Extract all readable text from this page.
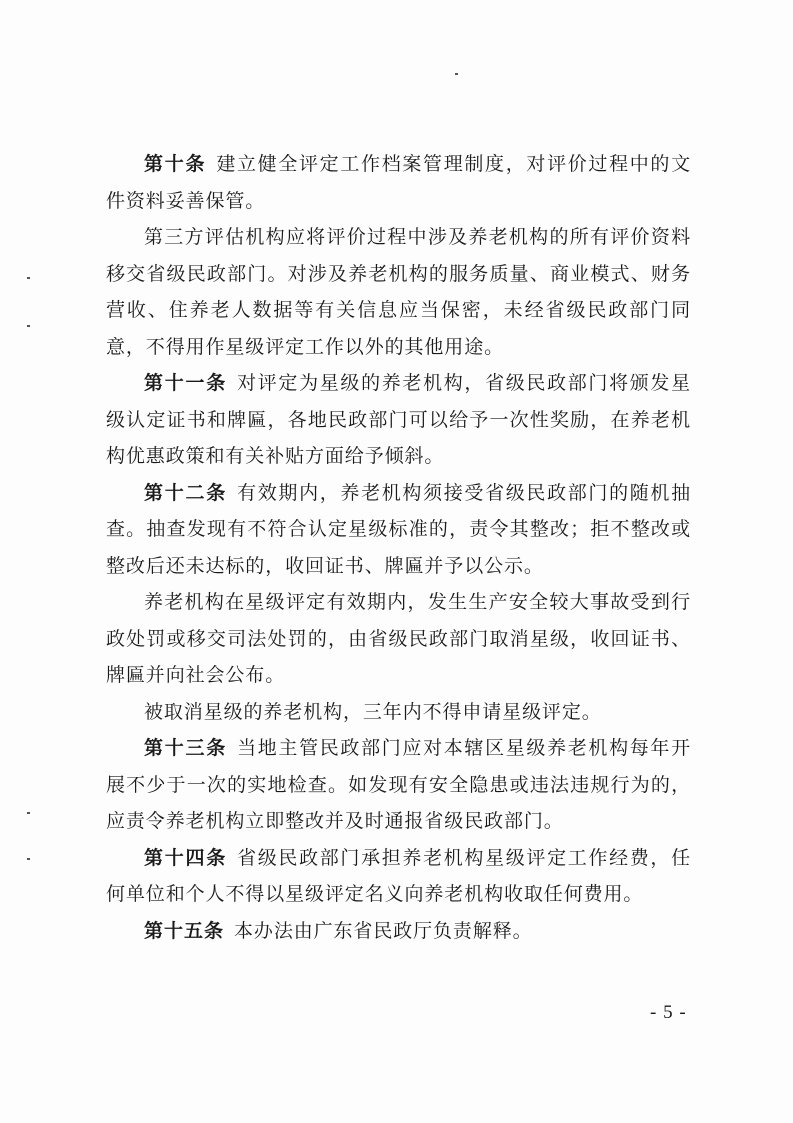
第十条 建立健全评定工作档案管理制度，对评价过程中的文件资料妥善保管。

第三方评估机构应将评价过程中涉及养老机构的所有评价资料移交省级民政部门。对涉及养老机构的服务质量、商业模式、财务营收、住养老人数据等有关信息应当保密，未经省级民政部门同意，不得用作星级评定工作以外的其他用途。

第十一条 对评定为星级的养老机构，省级民政部门将颁发星级认定证书和牌匾，各地民政部门可以给予一次性奖励，在养老机构优惠政策和有关补贴方面给予倾斜。

第十二条 有效期内，养老机构须接受省级民政部门的随机抽查。抽查发现有不符合认定星级标准的，责令其整改；拒不整改或整改后还未达标的，收回证书、牌匾并予以公示。

养老机构在星级评定有效期内，发生生产安全较大事故受到行政处罚或移交司法处罚的，由省级民政部门取消星级，收回证书、牌匾并向社会公布。

被取消星级的养老机构，三年内不得申请星级评定。

第十三条 当地主管民政部门应对本辖区星级养老机构每年开展不少于一次的实地检查。如发现有安全隐患或违法违规行为的，应责令养老机构立即整改并及时通报省级民政部门。

第十四条 省级民政部门承担养老机构星级评定工作经费，任何单位和个人不得以星级评定名义向养老机构收取任何费用。

第十五条 本办法由广东省民政厅负责解释。

- 5 -
